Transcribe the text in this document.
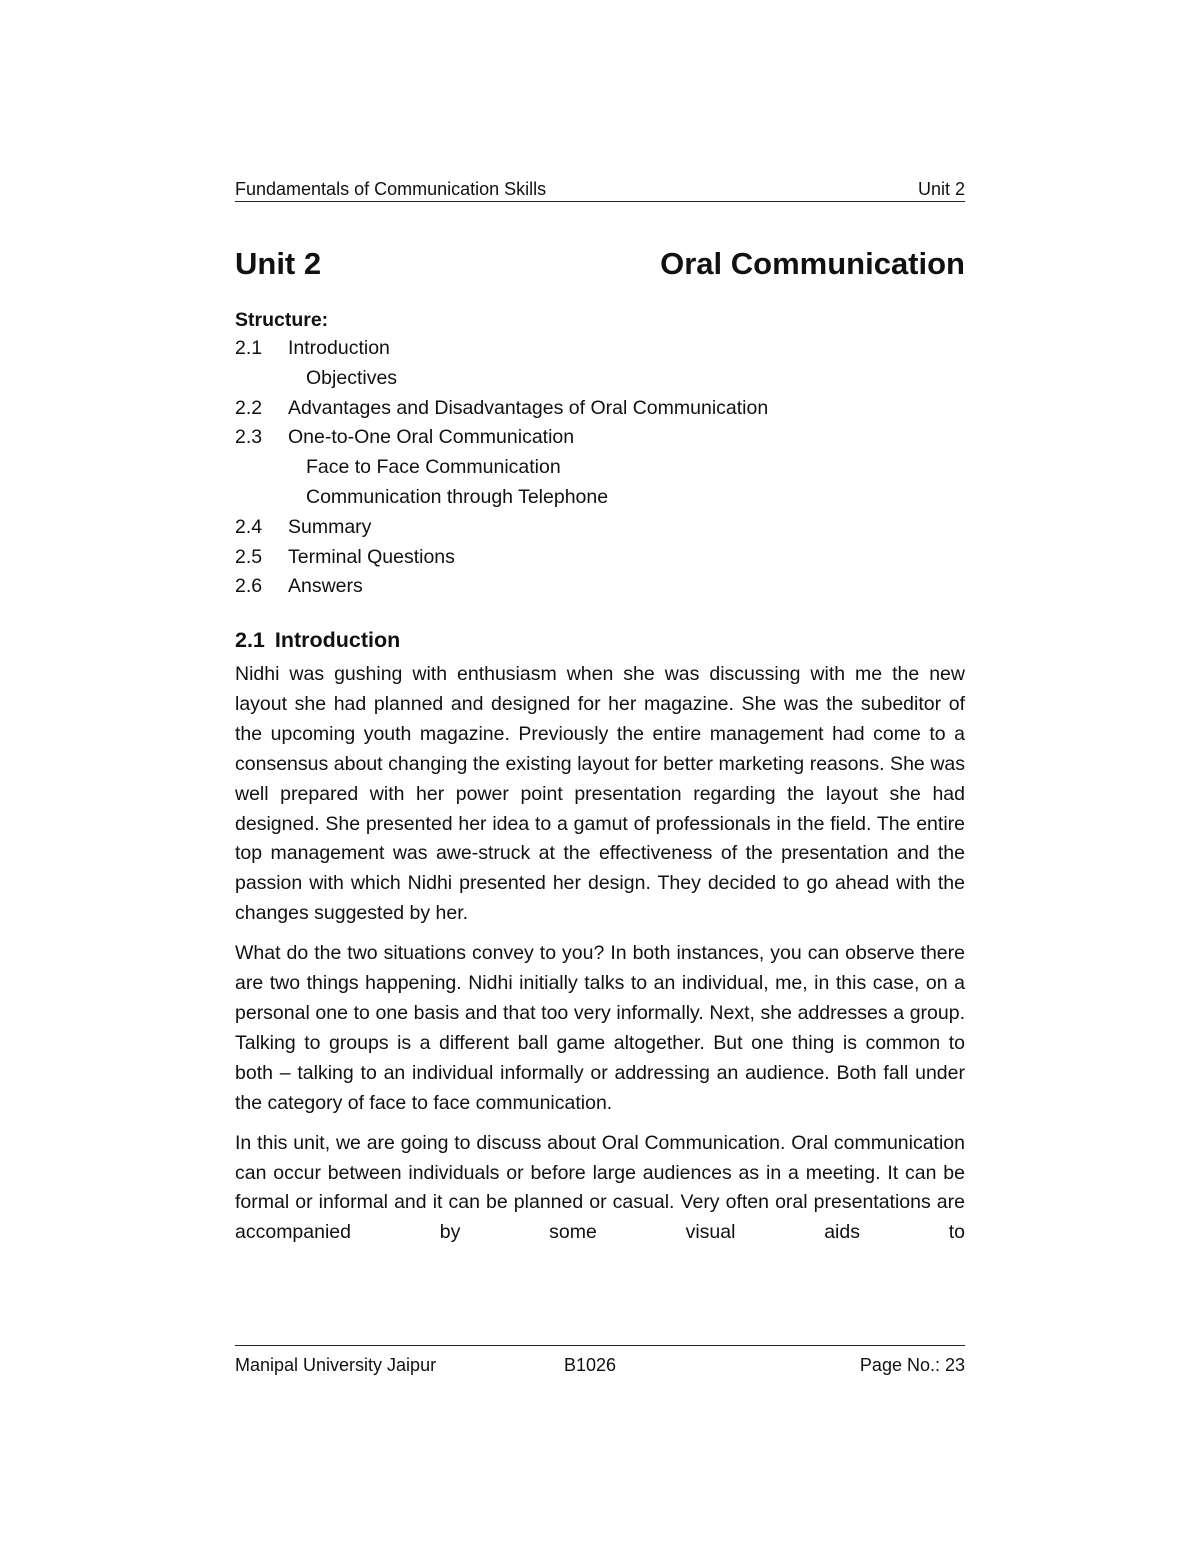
Fundamentals of Communication Skills	Unit 2
Unit 2	Oral Communication
Structure:
2.1 Introduction
Objectives
2.2 Advantages and Disadvantages of Oral Communication
2.3 One-to-One Oral Communication
Face to Face Communication
Communication through Telephone
2.4 Summary
2.5 Terminal Questions
2.6 Answers
2.1 Introduction

Nidhi was gushing with enthusiasm when she was discussing with me the new layout she had planned and designed for her magazine. She was the subeditor of the upcoming youth magazine. Previously the entire management had come to a consensus about changing the existing layout for better marketing reasons. She was well prepared with her power point presentation regarding the layout she had designed. She presented her idea to a gamut of professionals in the field. The entire top management was awe-struck at the effectiveness of the presentation and the passion with which Nidhi presented her design. They decided to go ahead with the changes suggested by her.

What do the two situations convey to you? In both instances, you can observe there are two things happening. Nidhi initially talks to an individual, me, in this case, on a personal one to one basis and that too very informally. Next, she addresses a group. Talking to groups is a different ball game altogether. But one thing is common to both – talking to an individual informally or addressing an audience. Both fall under the category of face to face communication.

In this unit, we are going to discuss about Oral Communication. Oral communication can occur between individuals or before large audiences as in a meeting. It can be formal or informal and it can be planned or casual. Very often oral presentations are accompanied by some visual aids to

Manipal University Jaipur	B1026	Page No.: 23
